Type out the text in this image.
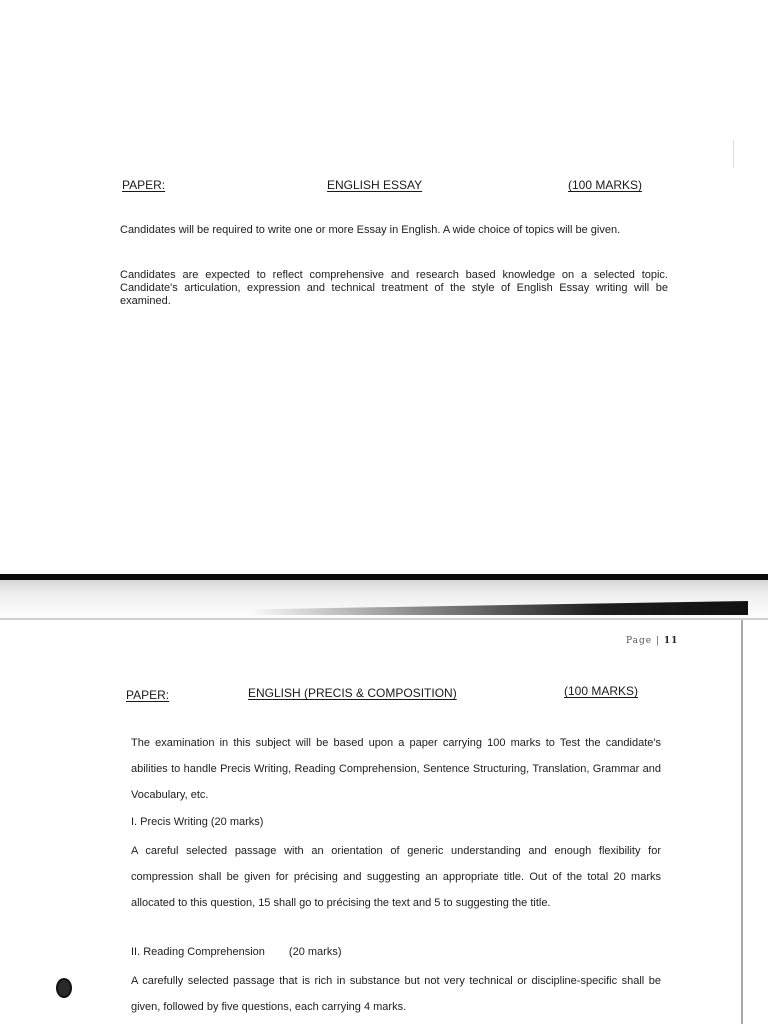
PAPER:	ENGLISH ESSAY	(100 MARKS)

Candidates will be required to write one or more Essay in English. A wide choice of topics will be given.

Candidates are expected to reflect comprehensive and research based knowledge on a selected topic. Candidate's articulation, expression and technical treatment of the style of English Essay writing will be examined.

Page | 11
PAPER:	ENGLISH (PRECIS & COMPOSITION)	(100 MARKS)

The examination in this subject will be based upon a paper carrying 100 marks to Test the candidate's abilities to handle Precis Writing, Reading Comprehension, Sentence Structuring, Translation, Grammar and Vocabulary, etc.

I. Precis Writing (20 marks)

A careful selected passage with an orientation of generic understanding and enough flexibility for compression shall be given for précising and suggesting an appropriate title. Out of the total 20 marks allocated to this question, 15 shall go to précising the text and 5 to suggesting the title.

II. Reading Comprehension (20 marks)

A carefully selected passage that is rich in substance but not very technical or discipline-specific shall be given, followed by five questions, each carrying 4 marks.
